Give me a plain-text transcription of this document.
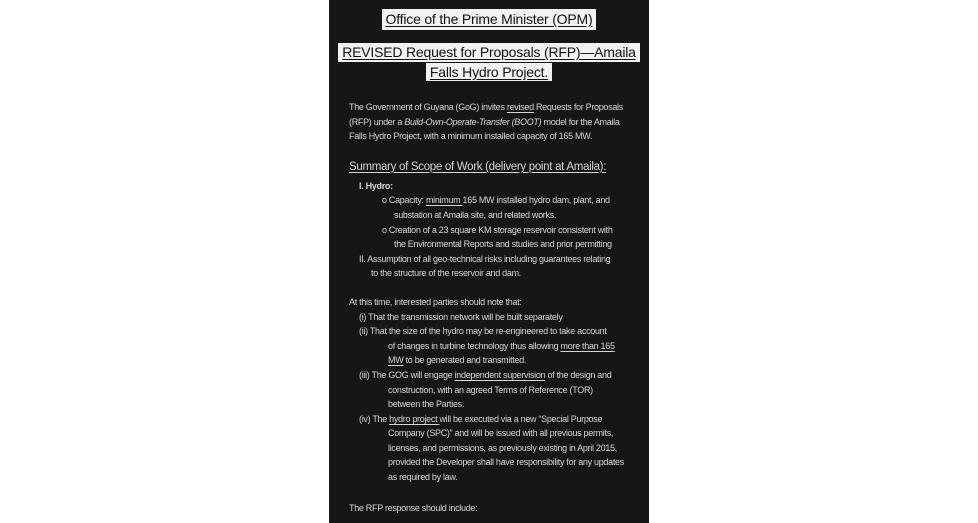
Office of the Prime Minister (OPM)
REVISED Request for Proposals (RFP)—Amaila
Falls Hydro Project.
The Government of Guyana (GoG) invites revised Requests for Proposals
(RFP) under a Build-Own-Operate-Transfer (BOOT) model for the Amaila
Falls Hydro Project, with a minimum installed capacity of 165 MW.
Summary of Scope of Work (delivery point at Amaila):
I. Hydro:
o Capacity: minimum 165 MW installed hydro dam, plant, and
substation at Amaila site, and related works.
o Creation of a 23 square KM storage reservoir consistent with
the Environmental Reports and studies and prior permitting
II. Assumption of all geo-technical risks including guarantees relating
to the structure of the reservoir and dam.
At this time, interested parties should note that:
(i) That the transmission network will be built separately
(ii) That the size of the hydro may be re-engineered to take account
of changes in turbine technology thus allowing more than 165
MW to be generated and transmitted.
(iii) The GOG will engage independent supervision of the design and
construction, with an agreed Terms of Reference (TOR)
between the Parties.
(iv) The hydro project will be executed via a new “Special Purpose
Company (SPC)” and will be issued with all previous permits,
licenses, and permissions, as previously existing in April 2015,
provided the Developer shall have responsibility for any updates
as required by law.
The RFP response should include:
